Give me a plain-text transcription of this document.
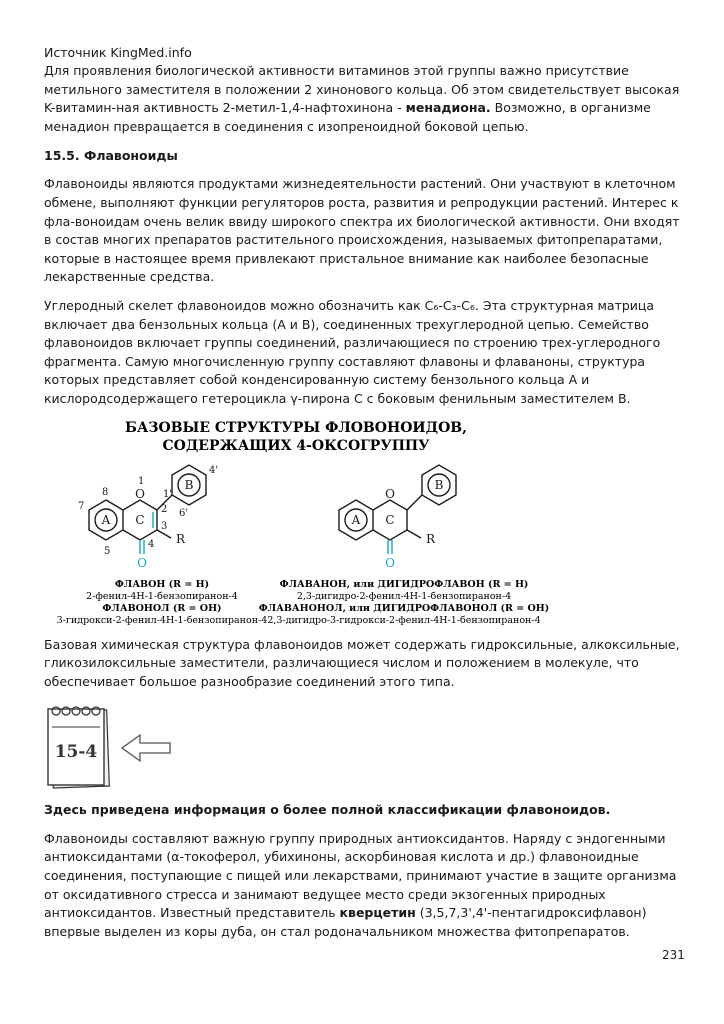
Источник KingMed.info

Для проявления биологической активности витаминов этой группы важно присутствие метильного заместителя в положении 2 хинонового кольца. Об этом свидетельствует высокая K-витамин-ная активность 2-метил-1,4-нафтохинона - менадиона. Возможно, в организме менадион превращается в соединения с изопреноидной боковой цепью.

15.5. Флавоноиды

Флавоноиды являются продуктами жизнедеятельности растений. Они участвуют в клеточном обмене, выполняют функции регуляторов роста, развития и репродукции растений. Интерес к фла-воноидам очень велик ввиду широкого спектра их биологической активности. Они входят в состав многих препаратов растительного происхождения, называемых фитопрепаратами, которые в настоящее время привлекают пристальное внимание как наиболее безопасные лекарственные средства.

Углеродный скелет флавоноидов можно обозначить как C₆-C₃-C₆. Эта структурная матрица включает два бензольных кольца (A и B), соединенных трехуглеродной цепью. Семейство флавоноидов включает группы соединений, различающиеся по строению трех-углеродного фрагмента. Самую многочисленную группу составляют флавоны и флаваноны, структура которых представляет собой конденсированную систему бензольного кольца A и кислородсодержащего гетероцикла γ-пирона C с боковым фенильным заместителем B.

БАЗОВЫЕ СТРУКТУРЫ ФЛОВОНОИДОВ,
СОДЕРЖАЩИХ 4-ОКСОГРУППУ
A C
B
O
O
R
1
1'
2
3
4
4'
5
6'
7
8
A C
B
O
O
R
ФЛАВОН (R = H)
2-фенил-4H-1-бензопиранон-4
ФЛАВОНОЛ (R = OH)
3-гидрокси-2-фенил-4H-1-бензопиранон-4
ФЛАВАНОН, или ДИГИДРОФЛАВОН (R = H)
2,3-дигидро-2-фенил-4H-1-бензопиранон-4
ФЛАВАНОНОЛ, или ДИГИДРОФЛАВОНОЛ (R = OH)
2,3-дигидро-3-гидрокси-2-фенил-4H-1-бензопиранон-4

Базовая химическая структура флавоноидов может содержать гидроксильные, алкоксильные, гликозилоксильные заместители, различающиеся числом и положением в молекуле, что обеспечивает большое разнообразие соединений этого типа.

15-4

Здесь приведена информация о более полной классификации флавоноидов.

Флавоноиды составляют важную группу природных антиоксидантов. Наряду с эндогенными антиоксидантами (α-токоферол, убихиноны, аскорбиновая кислота и др.) флавоноидные соединения, поступающие с пищей или лекарствами, принимают участие в защите организма от оксидативного стресса и занимают ведущее место среди экзогенных природных антиоксидантов. Известный представитель кверцетин (3,5,7,3',4'-пентагидроксифлавон) впервые выделен из коры дуба, он стал родоначальником множества фитопрепаратов.

231
